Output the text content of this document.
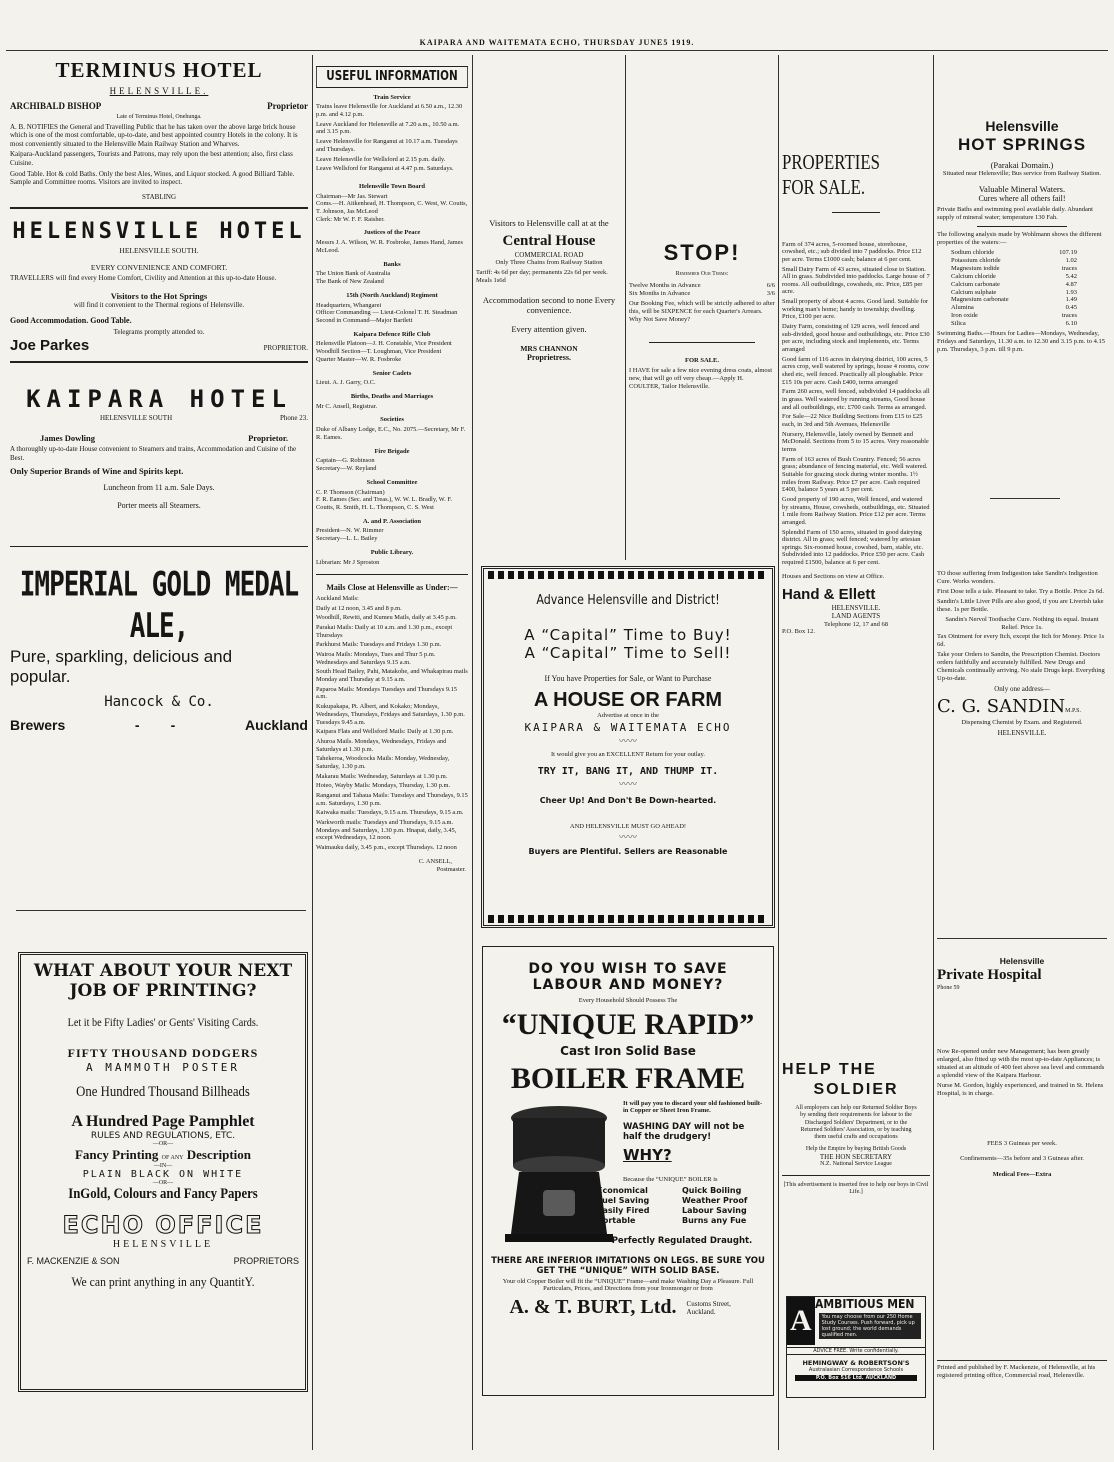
KAIPARA AND WAITEMATA ECHO, THURSDAY JUNE5 1919.
TERMINUS HOTEL
HELENSVILLE.
ARCHIBALD BISHOP	Proprietor
Late of Terminus Hotel, Onehunga.

A. B. NOTIFIES the General and Travelling Public that he has taken over the above large brick house which is one of the most comfortable, up-to-date, and best appointed country Hotels in the colony. It is most conveniently situated to the Helensville Main Railway Station and Wharves.

Kaipara-Auckland passengers, Tourists and Patrons, may rely upon the best attention; also, first class Cuisine.

Good Table. Hot & cold Baths. Only the best Ales, Wines, and Liquor stocked. A good Billiard Table. Sample and Committee rooms. Visitors are invited to inspect.

STABLING
HELENSVILLE HOTEL
HELENSVILLE SOUTH.
EVERY CONVENIENCE AND COMFORT.

TRAVELLERS will find every Home Comfort, Civility and Attention at this up-to-date House.

Visitors to the Hot Springs
will find it convenient to the Thermal regions of Helensville.
Good Accommodation. Good Table.
Telegrams promptly attended to.
Joe Parkes	PROPRIETOR.
KAIPARA HOTEL
HELENSVILLE SOUTH	Phone 23.
James Dowling	Proprietor.

A thoroughly up-to-date House convenient to Steamers and trains, Accommodation and Cuisine of the Best.

Only Superior Brands of Wine and Spirits kept.
Luncheon from 11 a.m. Sale Days.
Porter meets all Steamers.
IMPERIAL GOLD MEDAL ALE,
Pure, sparkling, delicious and
popular.
Hancock & Co.
Brewers	-        -	Auckland
WHAT ABOUT YOUR NEXT
JOB OF PRINTING?
Let it be Fifty Ladies' or Gents' Visiting Cards.
FIFTY THOUSAND DODGERS
A MAMMOTH POSTER
One Hundred Thousand Billheads
A Hundred Page Pamphlet
RULES AND REGULATIONS, ETC.
—OR—
Fancy Printing OF ANY Description
—IN—
PLAIN BLACK ON WHITE
—OR—
InGold, Colours and Fancy Papers
ECHO OFFICE
HELENSVILLE
F. MACKENZIE & SON	PROPRIETORS
We can print anything in any QuantitY.
USEFUL INFORMATION
Train Service

Trains leave Helensville for Auckland at 6.50 a.m., 12.30 p.m. and 4.12 p.m.

Leave Auckland for Helensville at 7.20 a.m., 10.50 a.m. and 3.15 p.m.

Leave Helensville for Ranganui at 10.17 a.m. Tuesdays and Thursdays.

Leave Helensville for Wellsford at 2.15 p.m. daily.

Leave Wellsford for Ranganui at 4.47 p.m. Saturdays.

Helensville Town Board

Chairman—Mr Jas. Stewart
Coms.—H. Aitkenhead, H. Thompson, C. West, W. Coutts, T. Johnson, Jas McLeod
Clerk: Mr W. F. F. Raisher.

Justices of the Peace

Messrs J. A. Wilson, W. R. Fosbroke, James Hand, James McLeod.

Banks

The Union Bank of Australia
The Bank of New Zealand

15th (North Auckland) Regiment

Headquarters, Whangarei
Officer Commanding — Lieut-Colonel T. H. Steadman
Second in Command—Major Bartlett

Kaipara Defence Rifle Club

Helensville Platoon—J. H. Constable, Vice President
Woodhill Section—T. Loughman, Vice President
Quarter Master—W. R. Fosbroke

Senior Cadets

Lieut. A. J. Garry, O.C.

Births, Deaths and Marriages

Mr C. Ansell, Registrar.

Societies

Duke of Albany Lodge, E.C., No. 2075.—Secretary, Mr F. R. Eames.

Fire Brigade

Captain—G. Robinson
Secretary—W. Reyland

School Committee

C. P. Thomson (Chairman)
F. R. Eames (Sec. and Treas.), W. W. L. Bradly, W. F. Coutts, R. Smith, H. L. Thompson, C. S. West

A. and P. Association

President—N. W. Rimmer
Secretary—L. L. Bailey

Public Library.

Librarian: Mr J Sproston

Mails Close at Helensville as Under:—

Auckland Mails:

Daily at 12 noon, 3.45 and 8 p.m.

Woodhill, Rewiti, and Kumeu Mails, daily at 3.45 p.m.

Parakai Mails: Daily at 10 a.m. and 1.30 p.m., except Thursdays

Parkhurst Mails: Tuesdays and Fridays 1.30 p.m.

Wairoa Mails: Mondays, Tues and Thur 5 p.m. Wednesdays and Saturdays 9.15 a.m.

South Head Bailey, Pahi, Matakohe, and Whakapirau mails Monday and Thursday at 9.15 a.m.

Paparoa Mails: Mondays Tuesdays and Thursdays 9.15 a.m.

Kukupakapa, Pt. Albert, and Kokako; Mondays, Wednesdays, Thursdays, Fridays and Saturdays, 1.30 p.m. Tuesdays 9.45 a.m.

Kaipara Flats and Wellsford Mails: Daily at 1.30 p.m.

Ahuroa Mails. Mondays, Wednesdays, Fridays and Saturdays at 1.30 p.m.

Tahekeroa, Woodcocks Mails: Monday, Wednesday, Saturday, 1.30 p.m.

Makarau Mails: Wednesday, Saturdays at 1.30 p.m.

Hoteo, Wayby Mails: Mondays, Thursday, 1.30 p.m.

Ranganui and Tahaua Mails: Tuesdays and Thursdays, 9.15 a.m. Saturdays, 1.30 p.m.

Kaiwaka mails: Tuesdays, 9.15 a.m. Thursdays, 9.15 a.m.

Warkworth mails: Tuesdays and Thursdays, 9.15 a.m. Mondays and Saturdays, 1.30 p.m. Hnapai, daily, 3.45, except Wednesdays, 12 noon.

Waimauku daily, 3.45 p.m., except Thursdays. 12 noon

C. ANSELL,
Postmaster.
Visitors to Helensville call at at the
Central House
COMMERCIAL ROAD
Only Three Chains from Railway Station
Tariff: 4s 6d per day; permanents 22s 6d per week. Meals 1s6d
Accommodation second to none Every convenience.
Every attention given.
MRS CHANNON
Proprietress.
STOP!
Remember Our Terms:
Twelve Months in Advance	6/6
Six Months in Advance	3/6

Our Booking Fee, which will be strictly adhered to after this, will be SIXPENCE for each Quarter's Arrears. Why Not Save Money?

FOR SALE.

I HAVE for sale a few nice evening dress coats, almost new, that will go off very cheap.—Apply H. COULTER, Tailor Helensville.

Advance Helensville and District!
A “Capital” Time to Buy!
A “Capital” Time to Sell!
If You have Properties for Sale, or Want to Purchase
A HOUSE OR FARM
Advertise at once in the
KAIPARA & WAITEMATA ECHO
〰〰
It would give you an EXCELLENT Return for your outlay.
TRY IT, BANG IT, AND THUMP IT.
〰〰
Cheer Up! And Don't Be Down-hearted.
AND HELENSVILLE MUST GO AHEAD!
〰〰
Buyers are Plentiful. Sellers are Reasonable
DO YOU WISH TO SAVE
LABOUR AND MONEY?
Every Household Should Possess The
“UNIQUE RAPID”
Cast Iron Solid Base
BOILER FRAME
It will pay you to discard your old fashioned built-in Copper or Sheet Iron Frame.
WASHING DAY will not be half the drudgery!
WHY?
Because the “UNIQUE” BOILER is
Economical	Quick Boiling
Fuel Saving	Weather Proof
Easily Fired	Labour Saving
Portable	Burns any Fue
Perfectly Regulated Draught.
THERE ARE INFERIOR IMITATIONS ON LEGS. BE SURE YOU GET THE “UNIQUE” WITH SOLID BASE.
Your old Copper Boiler will fit the “UNIQUE” Frame—and make Washing Day a Pleasure. Full Particulars, Prices, and Directions from your Ironmonger or from
A. & T. BURT, Ltd. Customs Street, Auckland.
PROPERTIES
FOR SALE.

Farm of 374 acres, 5-roomed house, storehouse, cowshed, etc.; sub divided into 7 paddocks. Price £12 per acre. Terms £1000 cash; balance at 6 per cent.

Small Dairy Farm of 43 acres, situated close to Station. All in grass. Subdivided into paddocks. Large house of 7 rooms. All outbuildings, cowsheds, etc. Price, £85 per acre.

Small property of about 4 acres. Good land. Suitable for working man's home; handy to township; dwelling. Price, £100 per acre.

Dairy Farm, consisting of 129 acres, well fenced and sub-divided, good house and outbuildings, etc. Price £30 per acre, including stock and implements, etc. Terms arranged

Good farm of 116 acres in dairying district, 100 acres, 5 acres crop, well watered by springs, house 4 rooms, cow shed etc, well fenced. Practically all ploughable. Price £15 10s per acre. Cash £400, terms arranged

Farm 260 acres, well fenced, subdivided 14 paddocks all in grass. Well watered by running streams, Good house and all outbuildings, etc. £700 cash. Terms as arranged.

For Sale—22 Nice Building Sections from £15 to £25 each, in 3rd and 5th Avenues, Helensville

Nursery, Helensville, lately owned by Bennett and McDonald. Sections from 5 to 15 acres. Very reasonable terms

Farm of 163 acres of Bush Country. Fenced; 56 acres grass; abundance of fencing material, etc. Well watered. Suitable for grazing stock during winter months. 1½ miles from Railway. Price £7 per acre. Cash required £400, balance 5 years at 5 per cent.

Good property of 190 acres, Well fenced, and watered by streams, House, cowsheds, outbuildings, etc. Situated 1 mile from Railway Station. Price £12 per acre. Terms arranged.

Splendid Farm of 150 acres, situated in good dairying district. All in grass; well fenced; watered by artesian springs. Six-roomed house, cowshed, barn, stable, etc. Subdivided into 12 paddocks. Price £50 per acre. Cash required £1500, balance at 6 per cent.

Houses and Sections on view at Office.

Hand & Ellett
HELENSVILLE.
LAND AGENTS
Telephone 12, 17 and 68
P.O. Box 12.
HELP THE
SOLDIER

All employers can help our Returned Soldier Boys by sending their requirements for labour to the Discharged Soldiers' Department, or to the Returned Soldiers' Association, or by teaching them useful crafts and occupations

Help the Empire by buying British Goods
THE HON SECRETARY
N.Z. National Service League
[This advertisement is inserted free to help our boys in Civil Life.]
A AMBITIOUS MEN
You may choose from our 250 Home Study Courses. Push forward, pick up lost ground; the world demands qualified men.
ADVICE FREE. Write confidentially.
HEMINGWAY & ROBERTSON'S
Australasian Correspondence Schools
P.O. Box 516 Ltd. AUCKLAND
Helensville
HOT SPRINGS
(Parakai Domain.)
Situated near Helensville; Bus service from Railway Station.
Valuable Mineral Waters.
Cures where all others fail!

Private Baths and swimming pool available daily. Abundant supply of mineral water; temperature 130 Fah.

The following analysis made by Wohlmann shows the different properties of the waters:—

Sodium chloride	107.19
Potassium chloride	1.02
Magnesium iodide	traces
Calcium chloride	5.42
Calcium carbonate	4.87
Calcium sulphate	1.93
Magnesium carbonate	1.49
Alumina	0.45
Iron oxide	traces
Silica	6.10

Swimming Baths.—Hours for Ladies—Mondays, Wednesday, Fridays and Saturdays, 11.30 a.m. to 12.30 and 3.15 p.m. to 4.15 p.m. Thursdays, 3 p.m. till 9 p.m.

TO those suffering from Indigestion take Sandin's Indigestion Cure. Works wonders.

First Dose tells a tale. Pleasant to take. Try a Bottle. Price 2s 6d.

Sandin's Little Liver Pills are also good, if you are Liverish take these. 1s per Bottle.

Sandin's Nervol Toothache Cure. Nothing its equal. Instant Relief. Price 1s.

Tax Ointment for every Itch, except the Itch for Money. Price 1s 6d.

Take your Orders to Sandin, the Prescription Chemist. Doctors orders faithfully and accurately fulfilled. New Drugs and Chemicals continually arriving. No stale Drugs kept. Everything Up-to-date.

Only one address—

C. G. SANDIN M.P.S.

Dispensing Chemist by Exam. and Registered.

HELENSVILLE.
Helensville
Private Hospital
Phone 59

Now Re-opened under new Management; has been greatly enlarged, also fitted up with the most up-to-date Appliances; is situated at an altitude of 400 feet above sea level and commands a splendid view of the Kaipara Harbour.

Nurse M. Gordon, highly experienced, and trained in St. Helens Hospital, is in charge.

FEES 3 Guineas per week.

Confinements—35s before and 3 Guineas after.

Medical Fees—Extra

Printed and published by F. Mackenzie, of Helensville, at his registered printing office, Commercial road, Helensville.
